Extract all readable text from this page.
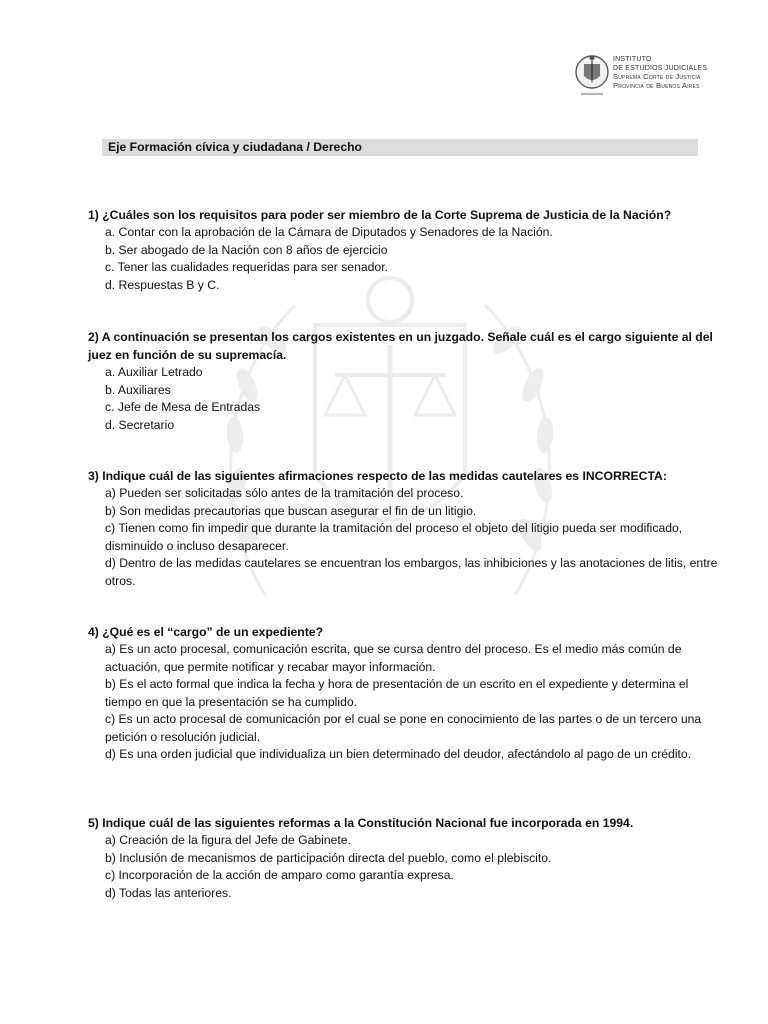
INSTITUTO
DE ESTUDIOS JUDICIALES
Suprema Corte de Justicia
Provincia de Buenos Aires
Eje Formación cívica y ciudadana / Derecho

1) ¿Cuáles son los requisitos para poder ser miembro de la Corte Suprema de Justicia de la Nación?

a. Contar con la aprobación de la Cámara de Diputados y Senadores de la Nación.
b. Ser abogado de la Nación con 8 años de ejercicio
c. Tener las cualidades requeridas para ser senador.
d. Respuestas B y C.

2) A continuación se presentan los cargos existentes en un juzgado. Señale cuál es el cargo siguiente al del juez en función de su supremacía.

a. Auxiliar Letrado
b. Auxiliares
c. Jefe de Mesa de Entradas
d. Secretario

3) Indique cuál de las siguientes afirmaciones respecto de las medidas cautelares es INCORRECTA:

a) Pueden ser solicitadas sólo antes de la tramitación del proceso.
b) Son medidas precautorias que buscan asegurar el fin de un litigio.
c) Tienen como fin impedir que durante la tramitación del proceso el objeto del litigio pueda ser modificado, disminuido o incluso desaparecer.
d) Dentro de las medidas cautelares se encuentran los embargos, las inhibiciones y las anotaciones de litis, entre otros.

4) ¿Qué es el “cargo” de un expediente?

a) Es un acto procesal, comunicación escrita, que se cursa dentro del proceso. Es el medio más común de actuación, que permite notificar y recabar mayor información.
b) Es el acto formal que indica la fecha y hora de presentación de un escrito en el expediente y determina el tiempo en que la presentación se ha cumplido.
c) Es un acto procesal de comunicación por el cual se pone en conocimiento de las partes o de un tercero una petición o resolución judicial.
d) Es una orden judicial que individualiza un bien determinado del deudor, afectándolo al pago de un crédito.

5) Indique cuál de las siguientes reformas a la Constitución Nacional fue incorporada en 1994.

a) Creación de la figura del Jefe de Gabinete.
b) Inclusión de mecanismos de participación directa del pueblo, como el plebiscito.
c) Incorporación de la acción de amparo como garantía expresa.
d) Todas las anteriores.
